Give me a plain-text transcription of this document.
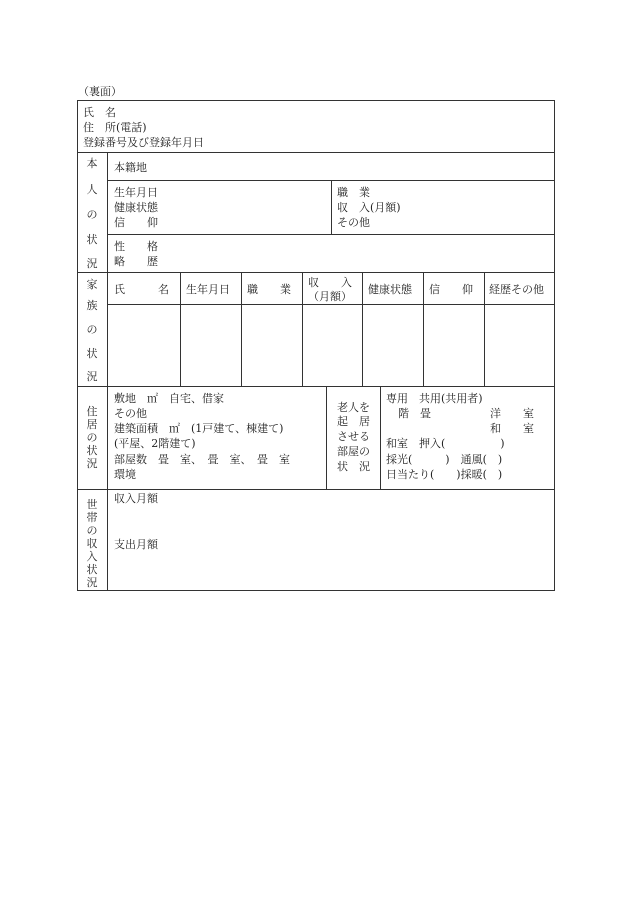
（裏面）
氏　名
住　所(電話)
登録番号及び登録年月日
本
人
の
状
況
本籍地
生年月日
健康状態
信　　仰
職　業
収　入(月額)
その他
性　　格
略　　歴
家
族
の
状
況
氏　　　名 生年月日 職　　業
収　　入
（月額）
健康状態 信　　仰 経歴その他
住
居
の
状
況
敷地　㎡　自宅、借家
その他
建築面積　㎡　(1戸建て、棟建て)
(平屋、2階建て)
部屋数　畳　室、　畳　室、　畳　室
環境
老人を
起　居
させる
部屋の
状　況
専用　共用(共用者)
階　畳	洋　　室
和　　室
和室　押入(　　　　　)
採光(　　　)　通風(　)
日当たり(　　)採暖(　)
世
帯
の
収
入
状
況
収入月額
支出月額
